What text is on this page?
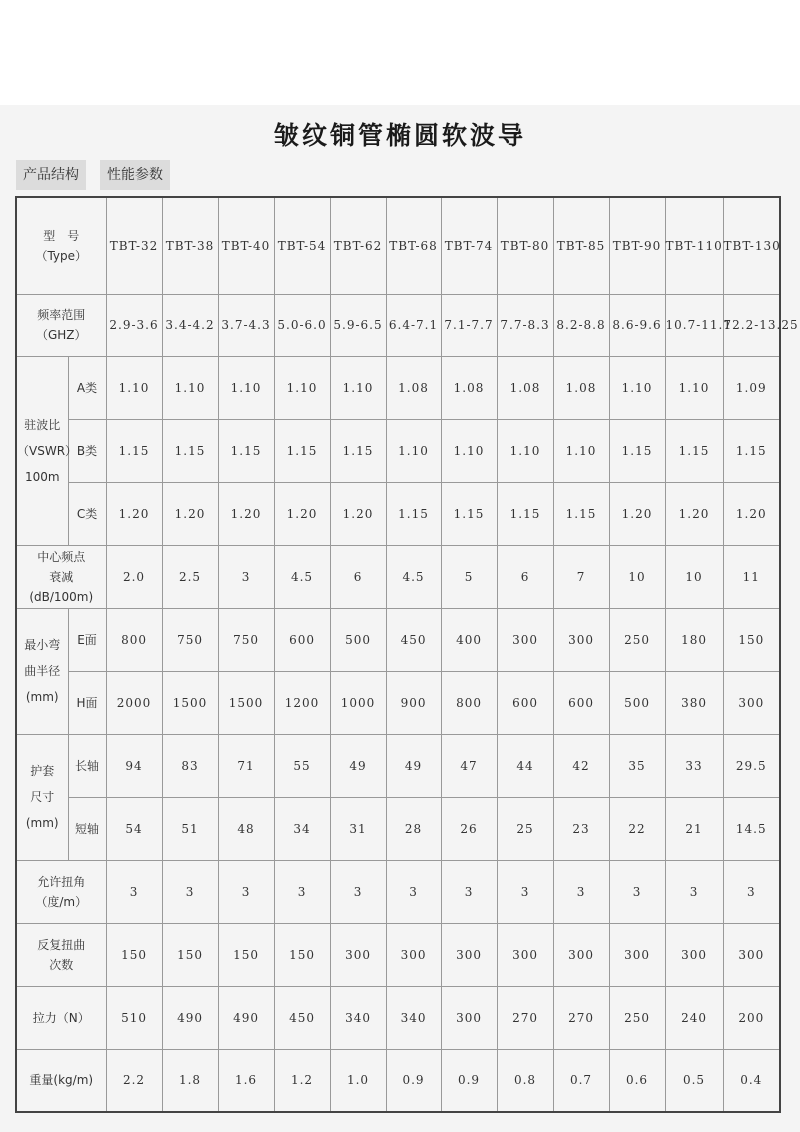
皱纹铜管椭圆软波导
产品结构	性能参数
型　号
（Type）		TBT-32	TBT-38	TBT-40	TBT-54	TBT-62	TBT-68	TBT-74	TBT-80	TBT-85	TBT-90	TBT-110	TBT-130

频率范围
（GHZ）		2.9-3.6	3.4-4.2	3.7-4.3	5.0-6.0	5.9-6.5	6.4-7.1	7.1-7.7	7.7-8.3	8.2-8.8	8.6-9.6	10.7-11.7	12.2-13.25

驻波比
（VSWR）
100m	A类	1.10	1.10	1.10	1.10	1.10	1.08	1.08	1.08	1.08	1.10	1.10	1.09
	B类	1.15	1.15	1.15	1.15	1.15	1.10	1.10	1.10	1.10	1.15	1.15	1.15
	C类	1.20	1.20	1.20	1.20	1.20	1.15	1.15	1.15	1.15	1.20	1.20	1.20

中心频点
衰减
(dB/100m)		2.0	2.5	3	4.5	6	4.5	5	6	7	10	10	11

最小弯
曲半径
(mm)	E面	800	750	750	600	500	450	400	300	300	250	180	150
	H面	2000	1500	1500	1200	1000	900	800	600	600	500	380	300

护套
尺寸
(mm)	长轴	94	83	71	55	49	49	47	44	42	35	33	29.5
	短轴	54	51	48	34	31	28	26	25	23	22	21	14.5

允许扭角
（度/m）		3	3	3	3	3	3	3	3	3	3	3	3

反复扭曲
次数		150	150	150	150	300	300	300	300	300	300	300	300

拉力（N）		510	490	490	450	340	340	300	270	270	250	240	200

重量(kg/m)		2.2	1.8	1.6	1.2	1.0	0.9	0.9	0.8	0.7	0.6	0.5	0.4
